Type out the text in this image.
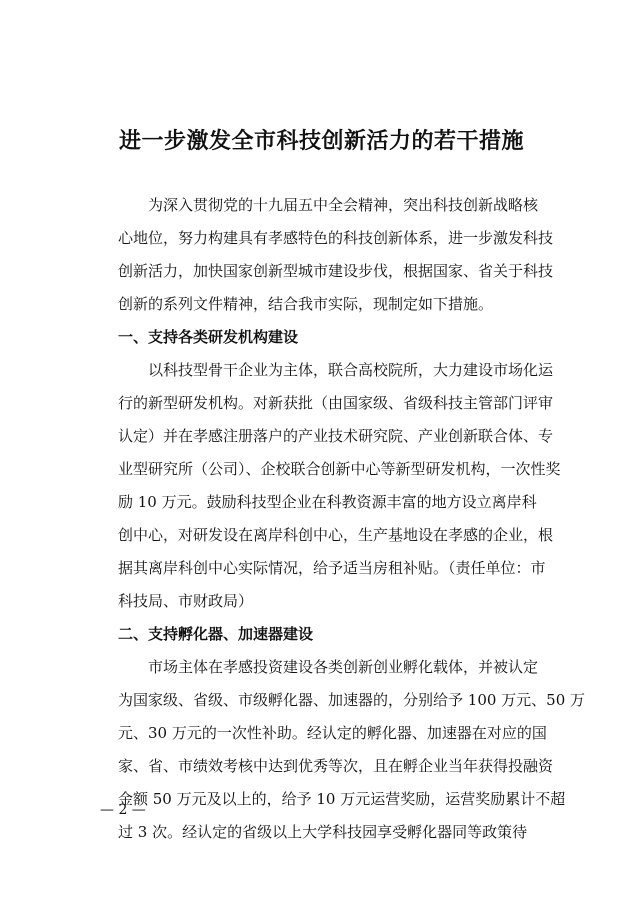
进一步激发全市科技创新活力的若干措施

为深入贯彻党的十九届五中全会精神，突出科技创新战略核

心地位，努力构建具有孝感特色的科技创新体系，进一步激发科技

创新活力，加快国家创新型城市建设步伐，根据国家、省关于科技

创新的系列文件精神，结合我市实际，现制定如下措施。

一、支持各类研发机构建设

以科技型骨干企业为主体，联合高校院所，大力建设市场化运

行的新型研发机构。对新获批（由国家级、省级科技主管部门评审

认定）并在孝感注册落户的产业技术研究院、产业创新联合体、专

业型研究所（公司）、企校联合创新中心等新型研发机构，一次性奖

励 10 万元。鼓励科技型企业在科教资源丰富的地方设立离岸科

创中心，对研发设在离岸科创中心，生产基地设在孝感的企业，根

据其离岸科创中心实际情况，给予适当房租补贴。（责任单位：市

科技局、市财政局）

二、支持孵化器、加速器建设

市场主体在孝感投资建设各类创新创业孵化载体，并被认定

为国家级、省级、市级孵化器、加速器的，分别给予 100 万元、50 万

元、30 万元的一次性补助。经认定的孵化器、加速器在对应的国

家、省、市绩效考核中达到优秀等次，且在孵企业当年获得投融资

金额 50 万元及以上的，给予 10 万元运营奖励，运营奖励累计不超

过 3 次。经认定的省级以上大学科技园享受孵化器同等政策待

— 2 —
